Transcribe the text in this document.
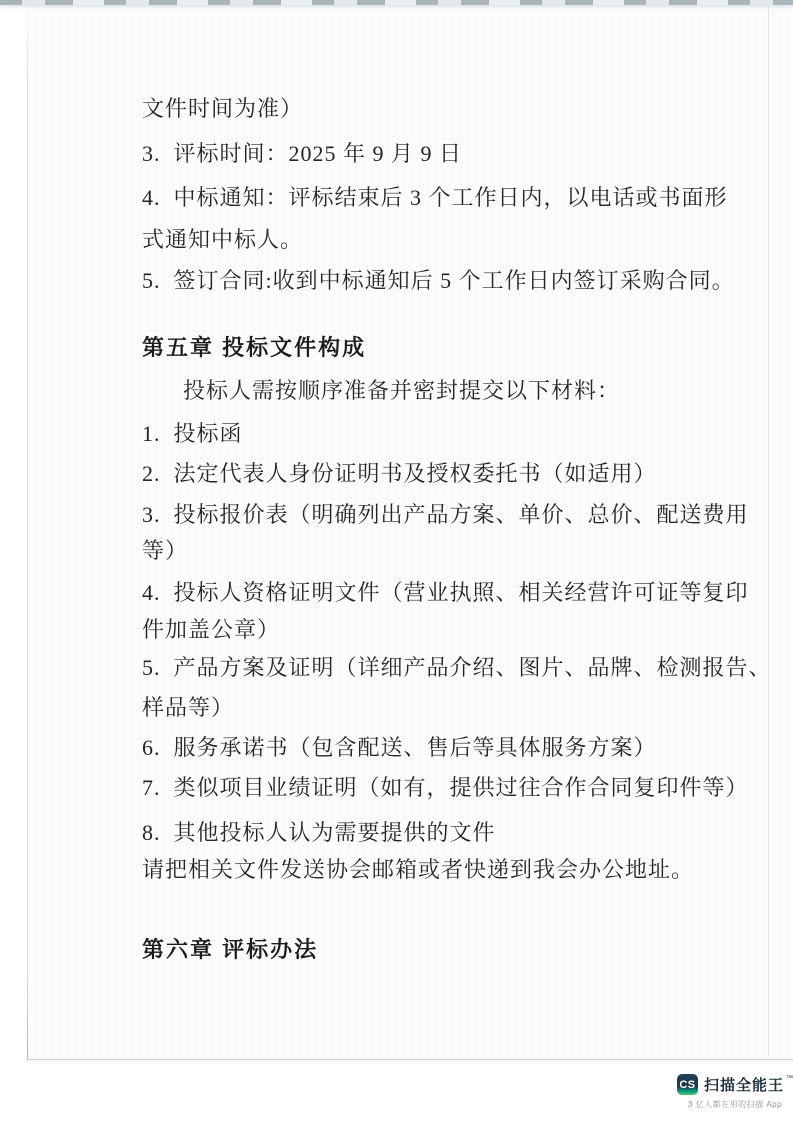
文件时间为准）
3.  评标时间：2025 年 9 月 9 日
4.  中标通知：评标结束后 3 个工作日内，以电话或书面形
式通知中标人。
5.  签订合同:收到中标通知后 5 个工作日内签订采购合同。
第五章 投标文件构成
投标人需按顺序准备并密封提交以下材料：
1.  投标函
2.  法定代表人身份证明书及授权委托书（如适用）
3.  投标报价表（明确列出产品方案、单价、总价、配送费用
等）
4.  投标人资格证明文件（营业执照、相关经营许可证等复印
件加盖公章）
5.  产品方案及证明（详细产品介绍、图片、品牌、检测报告、
样品等）
6.  服务承诺书（包含配送、售后等具体服务方案）
7.  类似项目业绩证明（如有，提供过往合作合同复印件等）
8.  其他投标人认为需要提供的文件
请把相关文件发送协会邮箱或者快递到我会办公地址。
第六章 评标办法
CS 扫描全能王 ™
3 亿人都在用的扫描 App
